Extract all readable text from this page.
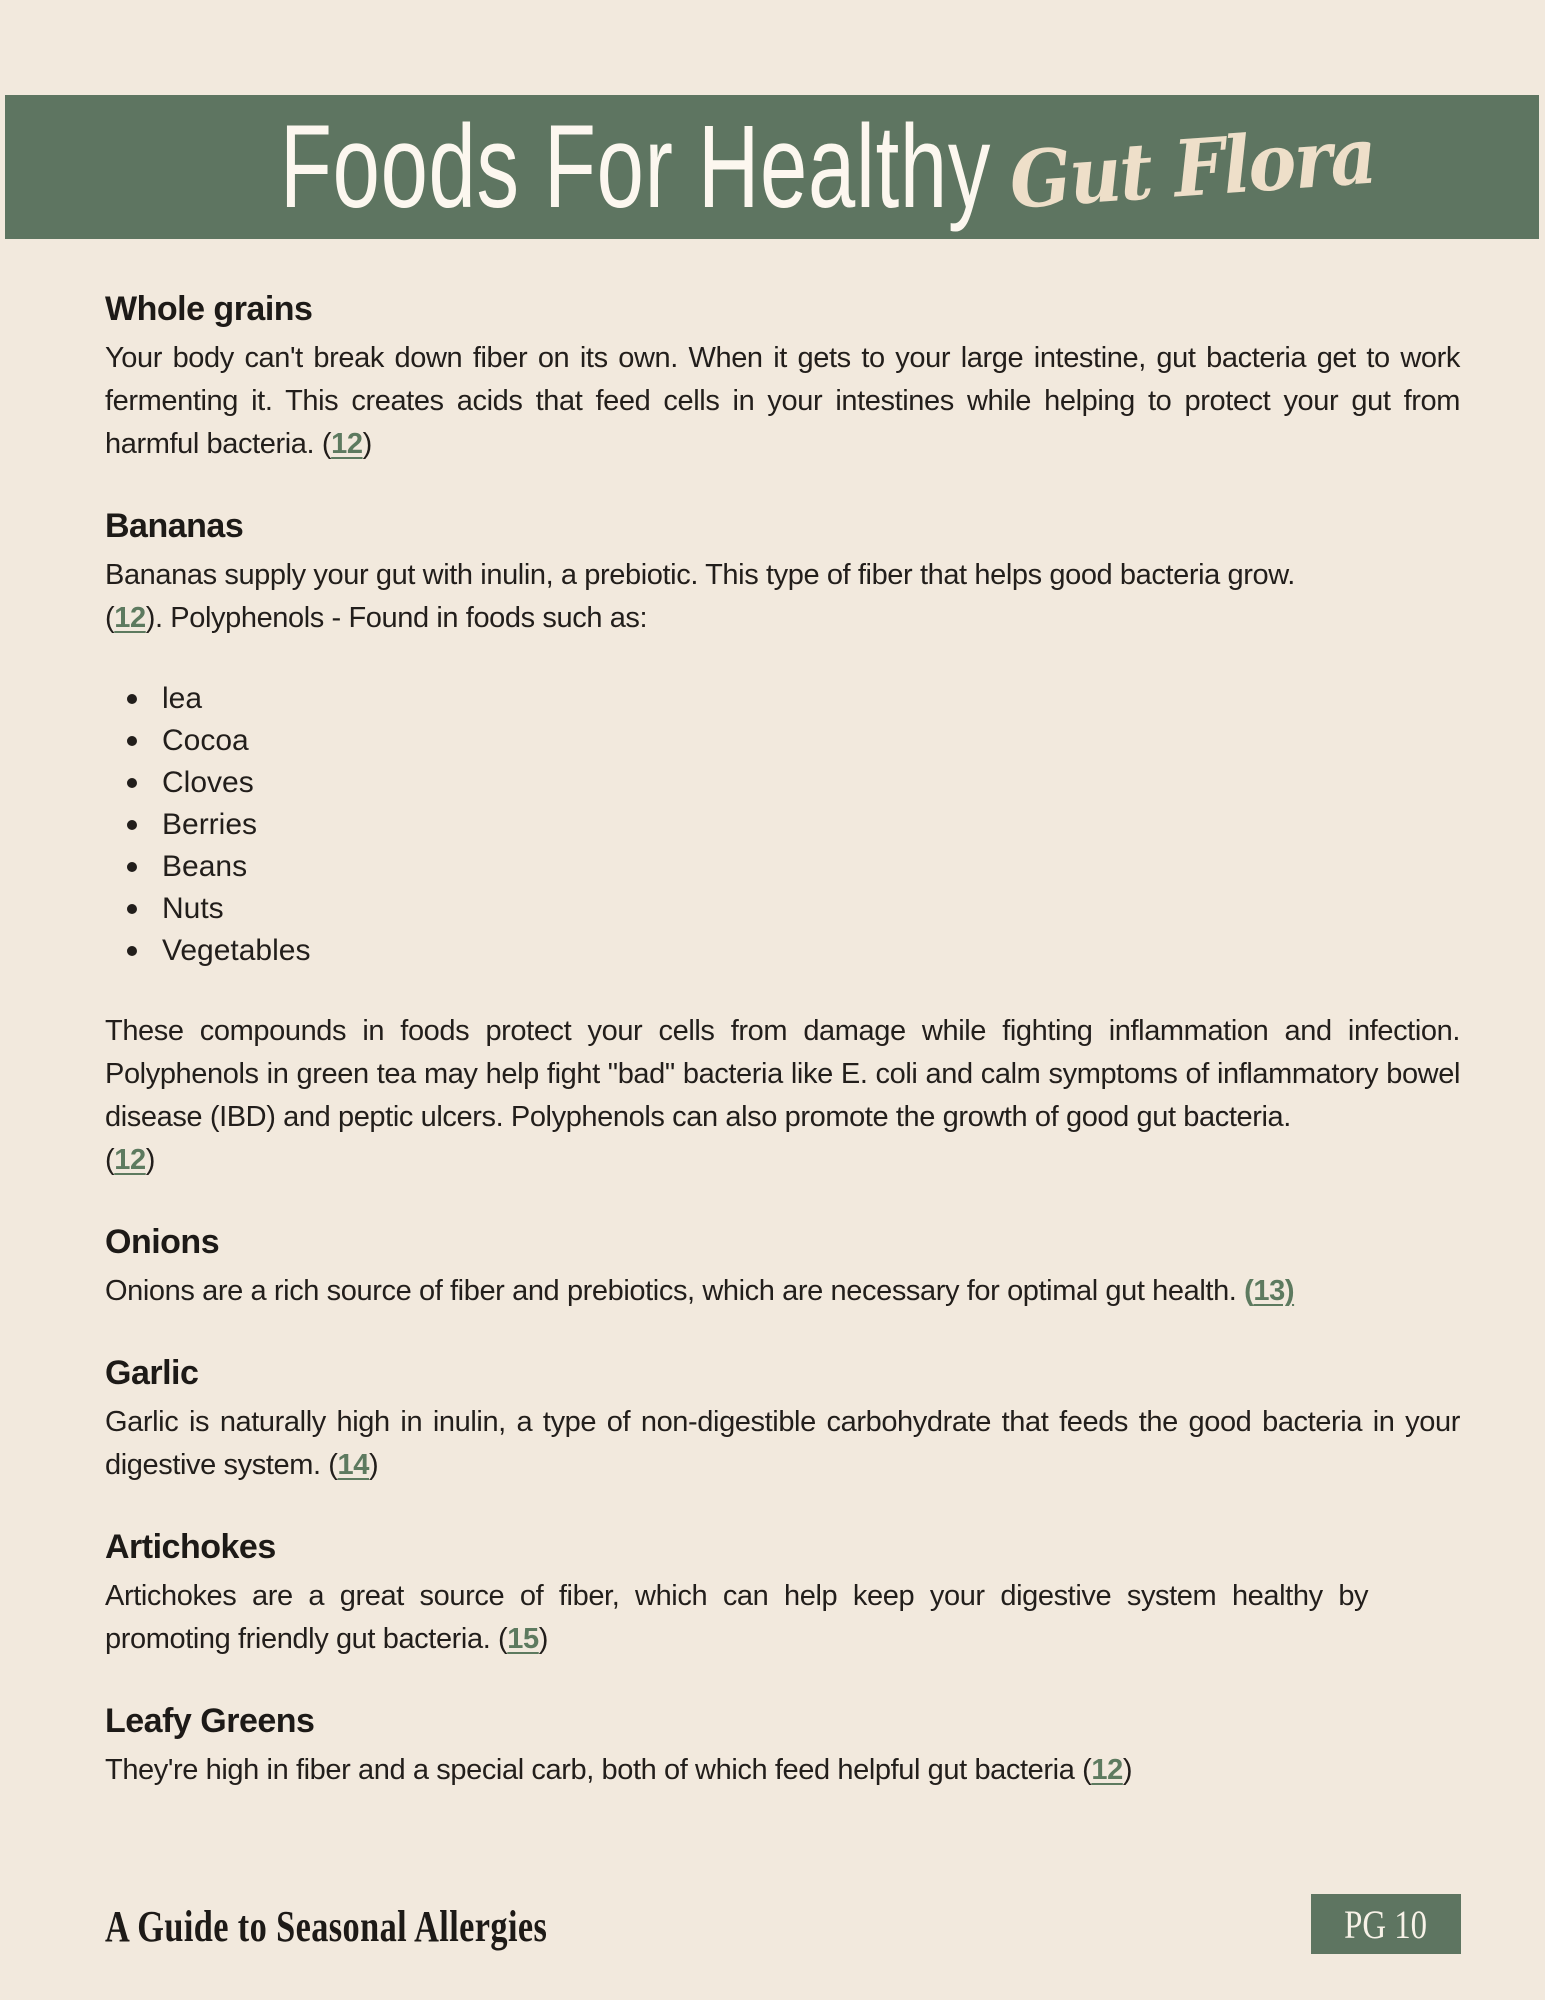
Foods For Healthy Gut Flora
Whole grains

Your body can't break down fiber on its own. When it gets to your large intestine, gut bacteria get to work fermenting it. This creates acids that feed cells in your intestines while helping to protect your gut from harmful bacteria. (12)

Bananas

Bananas supply your gut with inulin, a prebiotic. This type of fiber that helps good bacteria grow.
(12). Polyphenols - Found in foods such as:

lea
Cocoa
Cloves
Berries
Beans
Nuts
Vegetables

These compounds in foods protect your cells from damage while fighting inflammation and infection. Polyphenols in green tea may help fight "bad" bacteria like E. coli and calm symptoms of inflammatory bowel disease (IBD) and peptic ulcers. Polyphenols can also promote the growth of good gut bacteria.
(12)

Onions

Onions are a rich source of fiber and prebiotics, which are necessary for optimal gut health. (13)

Garlic

Garlic is naturally high in inulin, a type of non-digestible carbohydrate that feeds the good bacteria in your digestive system. (14)

Artichokes

Artichokes are a great source of fiber, which can help keep your digestive system healthy by
promoting friendly gut bacteria. (15)

Leafy Greens

They're high in fiber and a special carb, both of which feed helpful gut bacteria (12)

A Guide to Seasonal Allergies	PG 10
